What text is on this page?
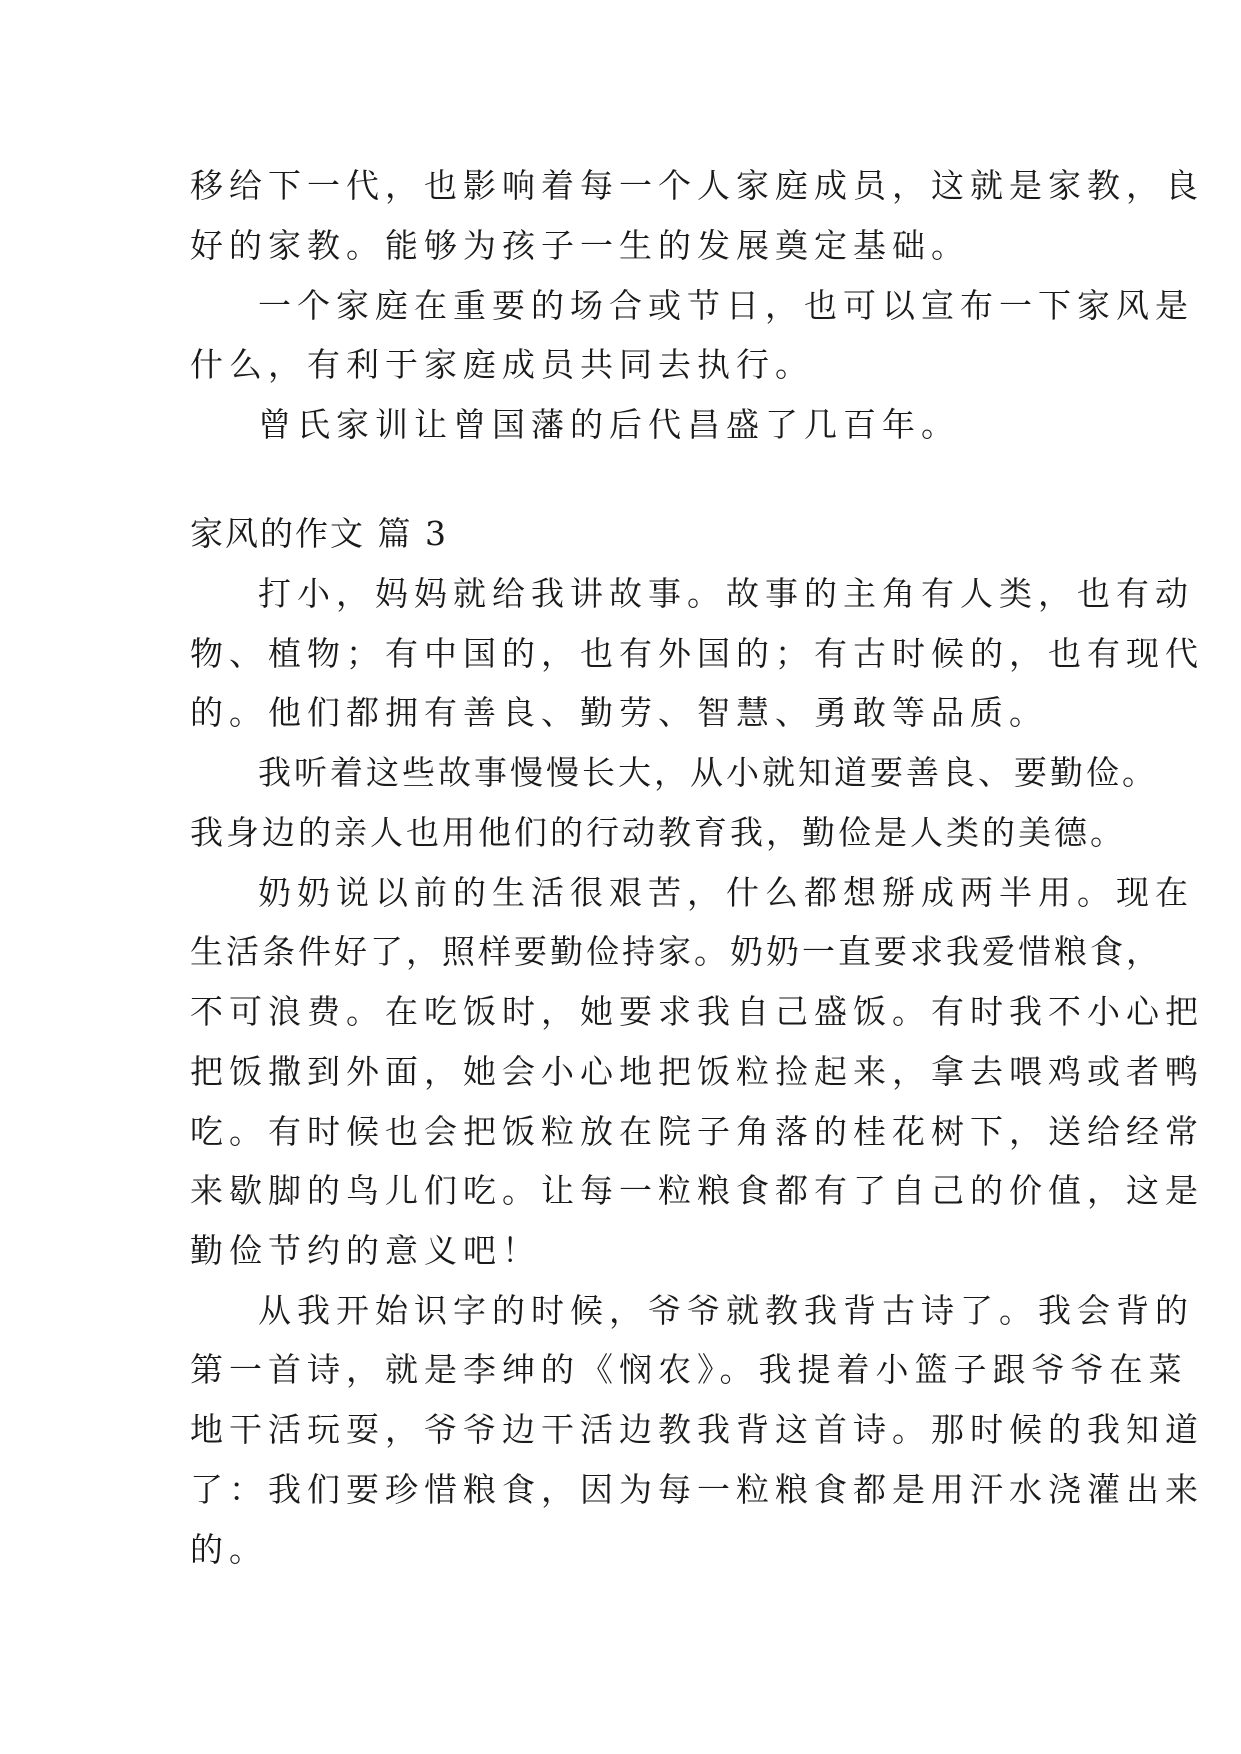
移给下一代，也影响着每一个人家庭成员，这就是家教，良
好的家教。能够为孩子一生的发展奠定基础。
一个家庭在重要的场合或节日，也可以宣布一下家风是
什么，有利于家庭成员共同去执行。
曾氏家训让曾国藩的后代昌盛了几百年。
家风的作文 篇 3
打小，妈妈就给我讲故事。故事的主角有人类，也有动
物、植物；有中国的，也有外国的；有古时候的，也有现代
的。他们都拥有善良、勤劳、智慧、勇敢等品质。
我听着这些故事慢慢长大，从小就知道要善良、要勤俭。
我身边的亲人也用他们的行动教育我，勤俭是人类的美德。
奶奶说以前的生活很艰苦，什么都想掰成两半用。现在
生活条件好了，照样要勤俭持家。奶奶一直要求我爱惜粮食，
不可浪费。在吃饭时，她要求我自己盛饭。有时我不小心把
把饭撒到外面，她会小心地把饭粒捡起来，拿去喂鸡或者鸭
吃。有时候也会把饭粒放在院子角落的桂花树下，送给经常
来歇脚的鸟儿们吃。让每一粒粮食都有了自己的价值，这是
勤俭节约的意义吧！
从我开始识字的时候，爷爷就教我背古诗了。我会背的
第一首诗，就是李绅的《悯农》。我提着小篮子跟爷爷在菜
地干活玩耍，爷爷边干活边教我背这首诗。那时候的我知道
了：我们要珍惜粮食，因为每一粒粮食都是用汗水浇灌出来
的。
